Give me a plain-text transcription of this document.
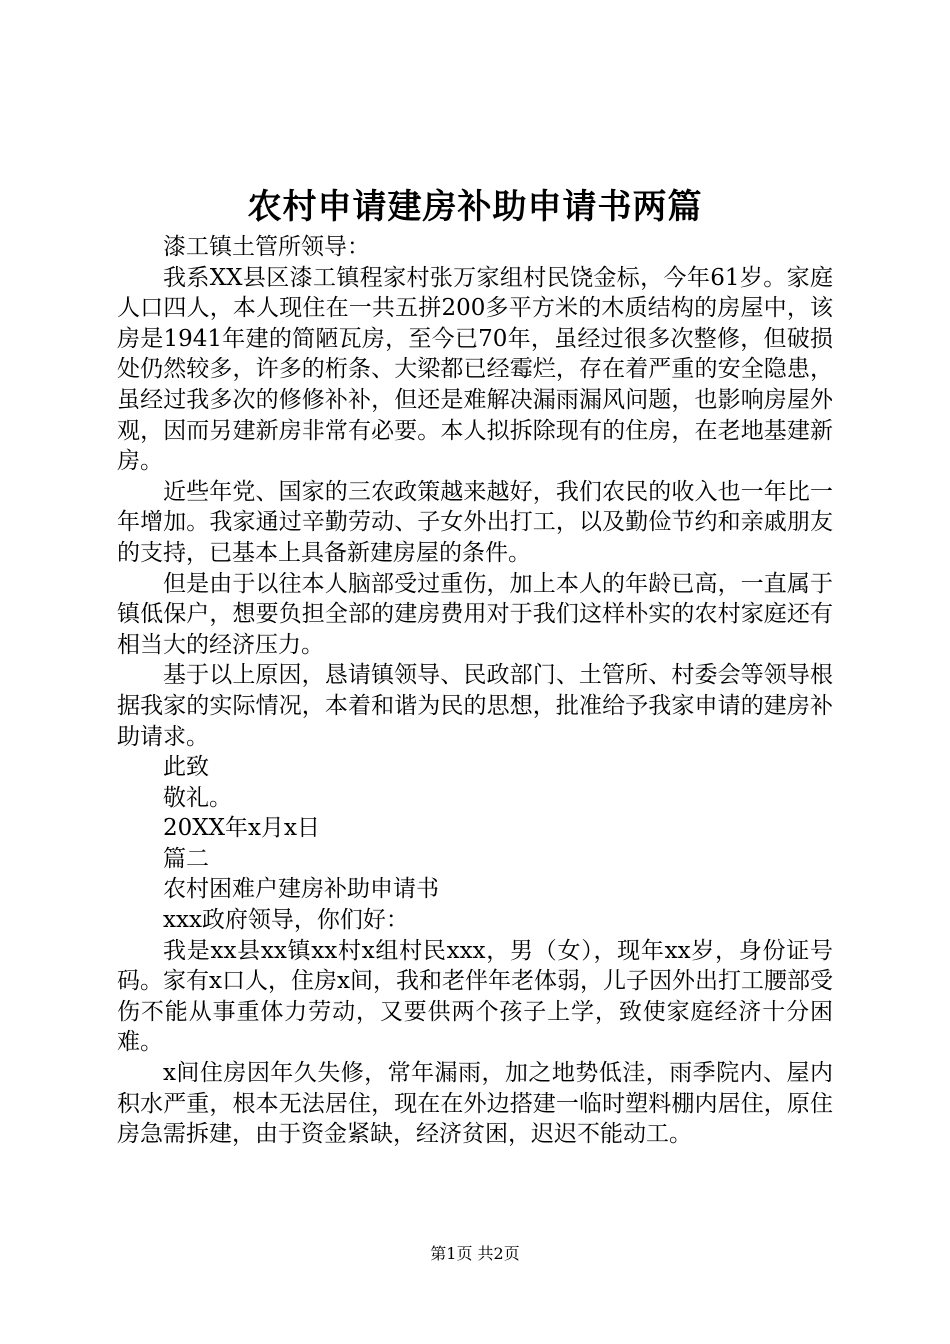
农村申请建房补助申请书两篇

漆工镇土管所领导：

我系XX县区漆工镇程家村张万家组村民饶金标，今年61岁。家庭人口四人，本人现住在一共五拼200多平方米的木质结构的房屋中，该房是1941年建的简陋瓦房，至今已70年，虽经过很多次整修，但破损处仍然较多，许多的桁条、大梁都已经霉烂，存在着严重的安全隐患，虽经过我多次的修修补补，但还是难解决漏雨漏风问题，也影响房屋外观，因而另建新房非常有必要。本人拟拆除现有的住房，在老地基建新房。

近些年党、国家的三农政策越来越好，我们农民的收入也一年比一年增加。我家通过辛勤劳动、子女外出打工，以及勤俭节约和亲戚朋友的支持，已基本上具备新建房屋的条件。

但是由于以往本人脑部受过重伤，加上本人的年龄已高，一直属于镇低保户，想要负担全部的建房费用对于我们这样朴实的农村家庭还有相当大的经济压力。

基于以上原因，恳请镇领导、民政部门、土管所、村委会等领导根据我家的实际情况，本着和谐为民的思想，批准给予我家申请的建房补助请求。

此致

敬礼。

20XX年x月x日

篇二

农村困难户建房补助申请书

xxx政府领导，你们好：

我是xx县xx镇xx村x组村民xxx，男（女），现年xx岁，身份证号码。家有x口人，住房x间，我和老伴年老体弱，儿子因外出打工腰部受伤不能从事重体力劳动，又要供两个孩子上学，致使家庭经济十分困难。

x间住房因年久失修，常年漏雨，加之地势低洼，雨季院内、屋内积水严重，根本无法居住，现在在外边搭建一临时塑料棚内居住，原住房急需拆建，由于资金紧缺，经济贫困，迟迟不能动工。

第1页 共2页
